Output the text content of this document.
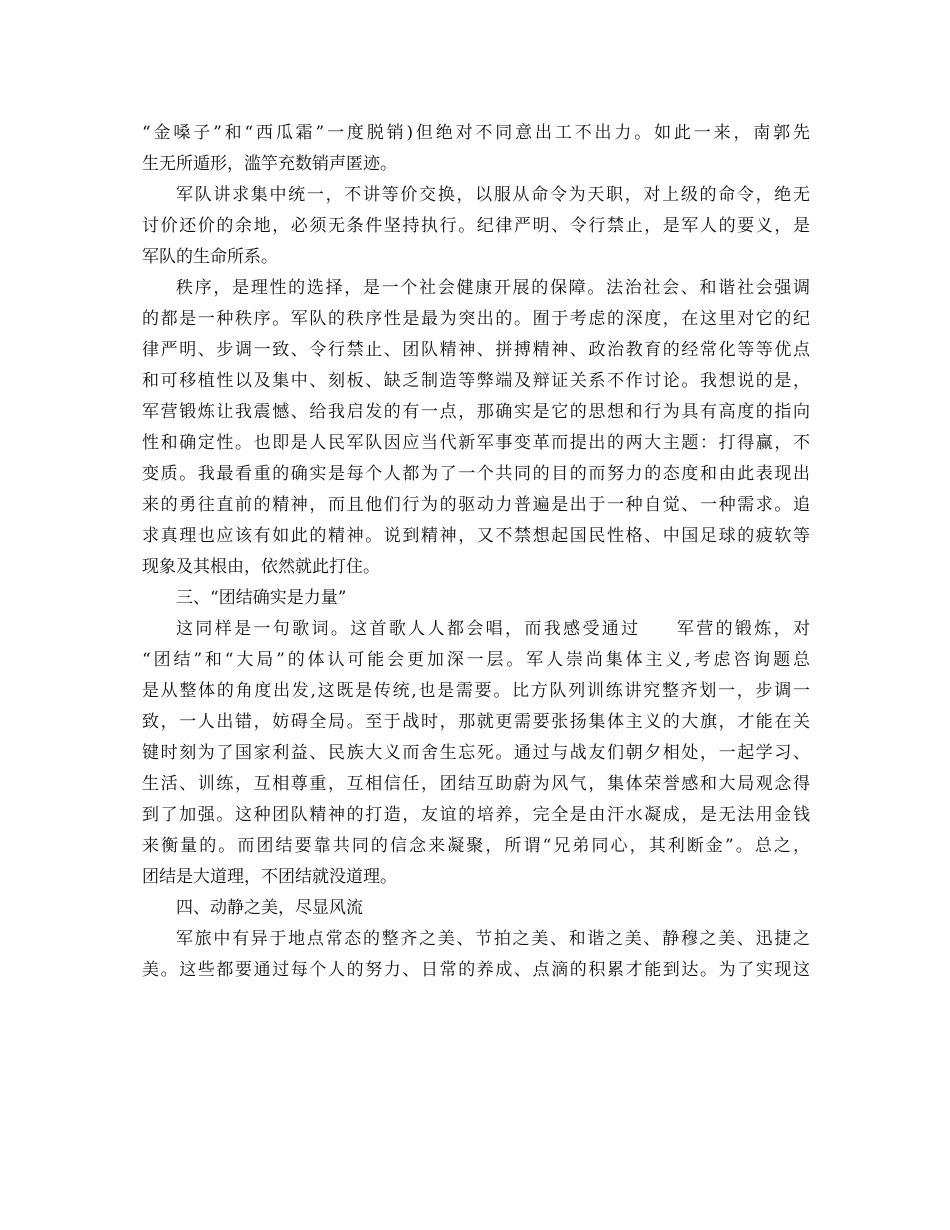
“金嗓子”和“西瓜霜”一度脱销)但绝对不同意出工不出力。如此一来，南郭先
生无所遁形，滥竽充数销声匿迹。
军队讲求集中统一，不讲等价交换，以服从命令为天职，对上级的命令，绝无
讨价还价的余地，必须无条件坚持执行。纪律严明、令行禁止，是军人的要义，是
军队的生命所系。
秩序，是理性的选择，是一个社会健康开展的保障。法治社会、和谐社会强调
的都是一种秩序。军队的秩序性是最为突出的。囿于考虑的深度，在这里对它的纪
律严明、步调一致、令行禁止、团队精神、拼搏精神、政治教育的经常化等等优点
和可移植性以及集中、刻板、缺乏制造等弊端及辩证关系不作讨论。我想说的是，
军营锻炼让我震憾、给我启发的有一点，那确实是它的思想和行为具有高度的指向
性和确定性。也即是人民军队因应当代新军事变革而提出的两大主题：打得赢，不
变质。我最看重的确实是每个人都为了一个共同的目的而努力的态度和由此表现出
来的勇往直前的精神，而且他们行为的驱动力普遍是出于一种自觉、一种需求。追
求真理也应该有如此的精神。说到精神，又不禁想起国民性格、中国足球的疲软等
现象及其根由，依然就此打住。
三、“团结确实是力量”
这同样是一句歌词。这首歌人人都会唱，而我感受通过 军营的锻炼，对
“团结”和“大局”的体认可能会更加深一层。军人崇尚集体主义,考虑咨询题总
是从整体的角度出发,这既是传统,也是需要。比方队列训练讲究整齐划一，步调一
致，一人出错，妨碍全局。至于战时，那就更需要张扬集体主义的大旗，才能在关
键时刻为了国家利益、民族大义而舍生忘死。通过与战友们朝夕相处，一起学习、
生活、训练，互相尊重，互相信任，团结互助蔚为风气，集体荣誉感和大局观念得
到了加强。这种团队精神的打造，友谊的培养，完全是由汗水凝成，是无法用金钱
来衡量的。而团结要靠共同的信念来凝聚，所谓“兄弟同心，其利断金”。总之，
团结是大道理，不团结就没道理。
四、动静之美，尽显风流
军旅中有异于地点常态的整齐之美、节拍之美、和谐之美、静穆之美、迅捷之
美。这些都要通过每个人的努力、日常的养成、点滴的积累才能到达。为了实现这
